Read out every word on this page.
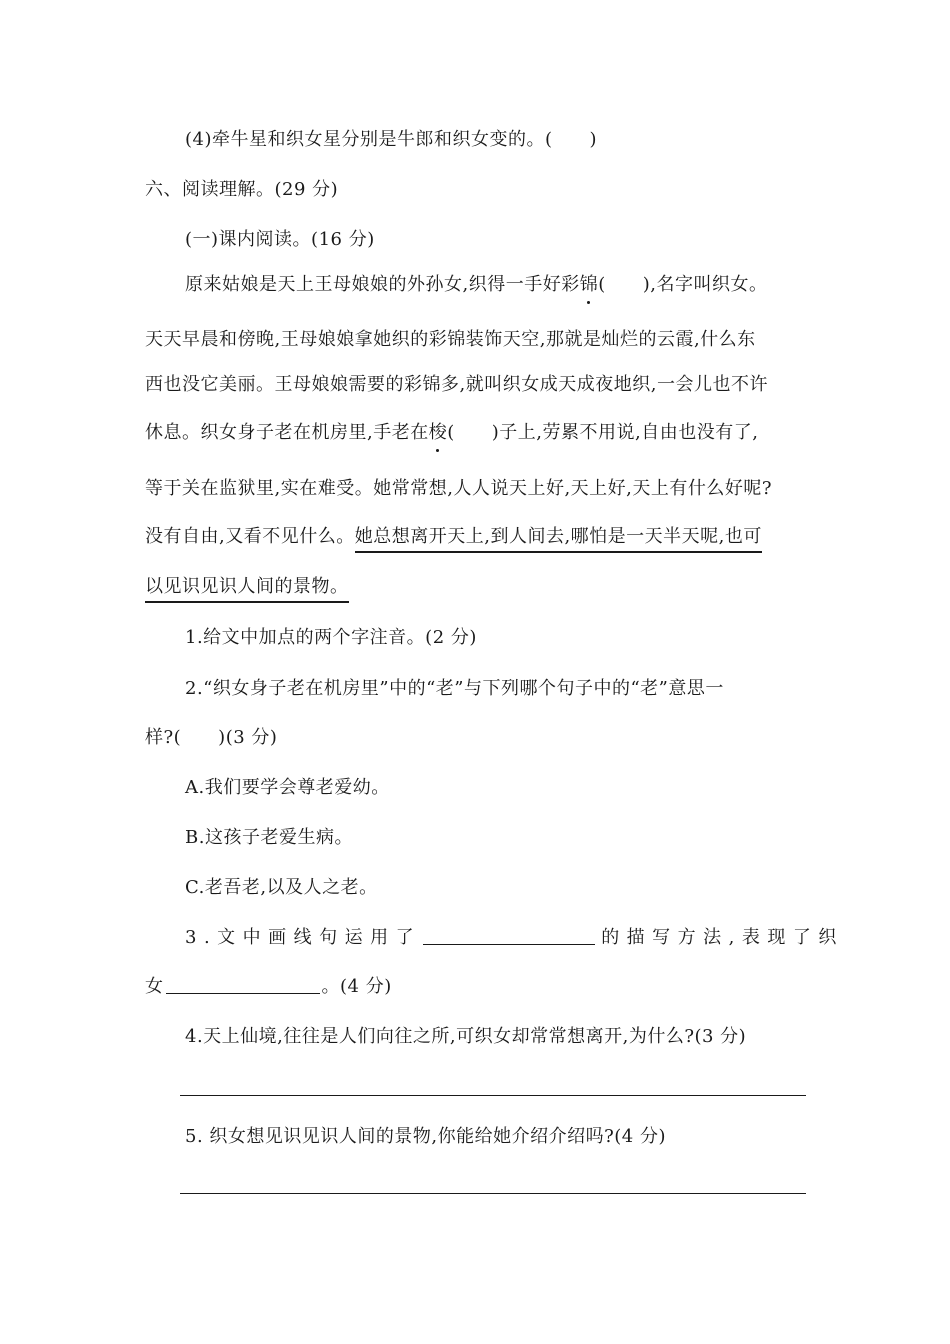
(4)牵牛星和织女星分别是牛郎和织女变的。(　　)
六、阅读理解。(29 分)
(一)课内阅读。(16 分)
原来姑娘是天上王母娘娘的外孙女,织得一手好彩锦(　　),名字叫织女。
天天早晨和傍晚,王母娘娘拿她织的彩锦装饰天空,那就是灿烂的云霞,什么东
西也没它美丽。王母娘娘需要的彩锦多,就叫织女成天成夜地织,一会儿也不许
休息。织女身子老在机房里,手老在梭(　　)子上,劳累不用说,自由也没有了,
等于关在监狱里,实在难受。她常常想,人人说天上好,天上好,天上有什么好呢?
没有自由,又看不见什么。她总想离开天上,到人间去,哪怕是一天半天呢,也可
以见识见识人间的景物。
1.给文中加点的两个字注音。(2 分)
2.“织女身子老在机房里”中的“老”与下列哪个句子中的“老”意思一
样?(　　)(3 分)
A.我们要学会尊老爱幼。
B.这孩子老爱生病。
C.老吾老,以及人之老。
3.文中画线句运用了	的描写方法,表现了织
女	。(4 分)
4.天上仙境,往往是人们向往之所,可织女却常常想离开,为什么?(3 分)
5. 织女想见识见识人间的景物,你能给她介绍介绍吗?(4 分)
